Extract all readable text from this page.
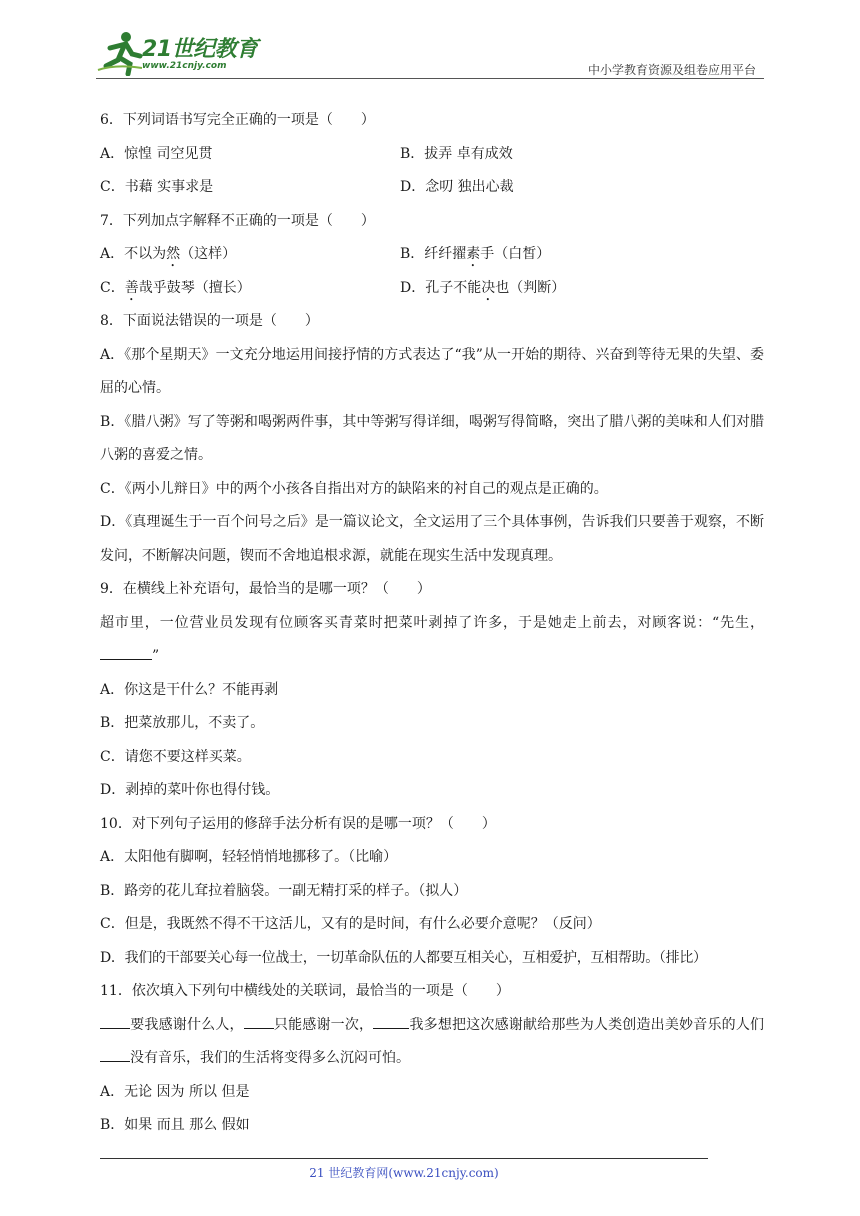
21世纪教育
www.21cnjy.com	中小学教育资源及组卷应用平台
6．下列词语书写完全正确的一项是（　　）
A．惊惶 司空见贯	B．拔弄 卓有成效
C．书藉 实事求是	D．念叨 独出心裁
7．下列加点字解释不正确的一项是（　　）
A．不以为然（这样）	B．纤纤擢素手（白皙）
C．善哉乎鼓琴（擅长）	D．孔子不能决也（判断）
8．下面说法错误的一项是（　　）
A．《那个星期天》一文充分地运用间接抒情的方式表达了“我”从一开始的期待、兴奋到等待无果的失望、委屈的心情。
B．《腊八粥》写了等粥和喝粥两件事，其中等粥写得详细，喝粥写得简略，突出了腊八粥的美味和人们对腊八粥的喜爱之情。
C．《两小儿辩日》中的两个小孩各自指出对方的缺陷来的衬自己的观点是正确的。
D．《真理诞生于一百个问号之后》是一篇议论文，全文运用了三个具体事例，告诉我们只要善于观察，不断发问，不断解决问题，锲而不舍地追根求源，就能在现实生活中发现真理。
9．在横线上补充语句，最恰当的是哪一项？（　　）
超市里，一位营业员发现有位顾客买青菜时把菜叶剥掉了许多，于是她走上前去，对顾客说：“先生，”
A．你这是干什么？不能再剥
B．把菜放那儿，不卖了。
C．请您不要这样买菜。
D．剥掉的菜叶你也得付钱。
10．对下列句子运用的修辞手法分析有误的是哪一项？（　　）
A．太阳他有脚啊，轻轻悄悄地挪移了。（比喻）
B．路旁的花儿耷拉着脑袋。一副无精打采的样子。（拟人）
C．但是，我既然不得不干这活儿，又有的是时间，有什么必要介意呢？（反问）
D．我们的干部要关心每一位战士，一切革命队伍的人都要互相关心，互相爱护，互相帮助。（排比）
11．依次填入下列句中横线处的关联词，最恰当的一项是（　　）
要我感谢什么人， 只能感谢一次，	我多想把这次感谢献给那些为人类创造出美妙音乐的人们没有音乐，我们的生活将变得多么沉闷可怕。
A．无论 因为 所以 但是
B．如果 而且 那么 假如
21 世纪教育网(www.21cnjy.com)
